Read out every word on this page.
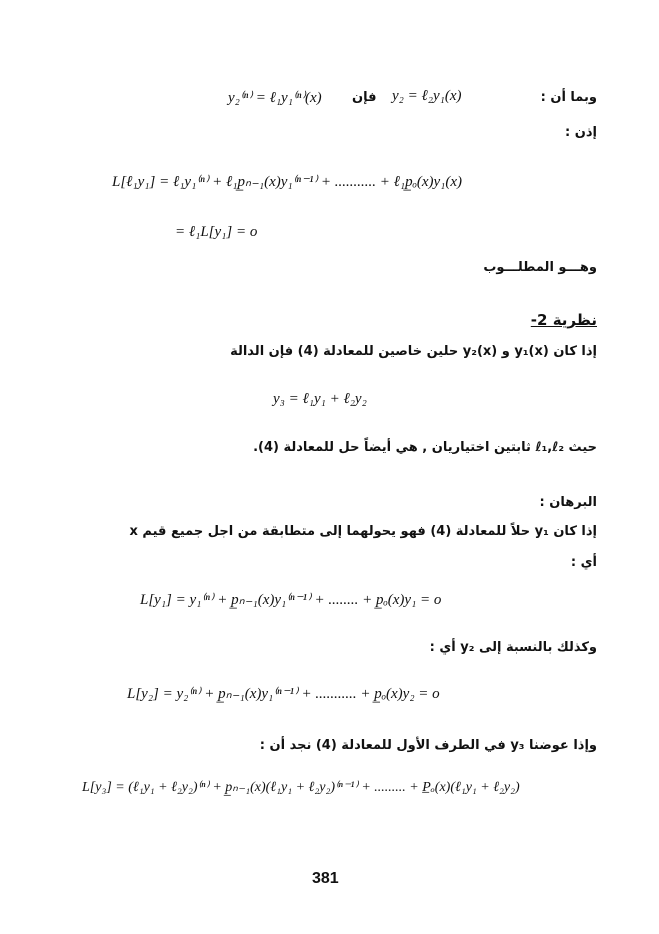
وبما أن :
y₂⁽ⁿ⁾ = ℓ₁y₁⁽ⁿ⁾(x) فإن y₂ = ℓ₂y₁(x)
إذن :
L[ℓ₁y₁] = ℓ₁y₁⁽ⁿ⁾ + ℓ₁p̲ₙ₋₁(x)y₁⁽ⁿ⁻¹⁾ + ........... + ℓ₁p̲ₒ(x)y₁(x)
= ℓ₁L[y₁] = o
وهـــو المطلـــوب
نظرية 2-
إذا كان y₁(x) و y₂(x) حلين خاصين للمعادلة (4) فإن الدالة
y₃ = ℓ₁y₁ + ℓ₂y₂
حيث ℓ₁,ℓ₂ ثابتين اختياريان , هي أيضاً حل للمعادلة (4).
البرهان :
إذا كان y₁ حلاً للمعادلة (4) فهو يحولهما إلى متطابقة من اجل جميع قيم x
أي :
L[y₁] = y₁⁽ⁿ⁾ + p̲ₙ₋₁(x)y₁⁽ⁿ⁻¹⁾ + ........ + p̲ₒ(x)y₁ = o
وكذلك بالنسبة إلى y₂ أي :
L[y₂] = y₂⁽ⁿ⁾ + p̲ₙ₋₁(x)y₁⁽ⁿ⁻¹⁾ + ........... + p̲ₒ(x)y₂ = o
وإذا عوضنا y₃ في الطرف الأول للمعادلة (4) نجد أن :
L[y₃] = (ℓ₁y₁ + ℓ₂y₂)⁽ⁿ⁾ + p̲ₙ₋₁(x)(ℓ₁y₁ + ℓ₂y₂)⁽ⁿ⁻¹⁾ + ......... + P̲ₒ(x)(ℓ₁y₁ + ℓ₂y₂)
381
